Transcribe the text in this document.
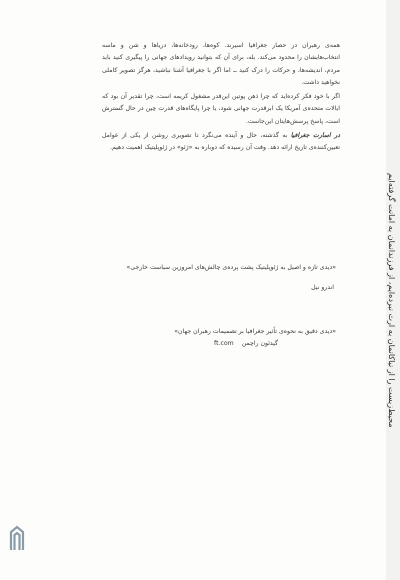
محیط‌زیست را از نیاکانمان به ارث نبرده‌ایم، از فرزندانمان به امانت گرفته‌ایم

همه‌ی رهبران در حصار جغرافیا اسیرند. کوه‌ها، رودخانه‌ها، دریاها و شن و ماسه انتخاب‌هایشان را محدود می‌کند. بله، برای آن که بتوانید رویدادهای جهانی را پیگیری کنید باید مردم، اندیشه‌ها، و حرکات را درک کنید ــ اما اگر با جغرافیا آشنا نباشید، هرگز تصویر کاملی نخواهید داشت.

اگر با خود فکر کرده‌اید که چرا ذهن پوتین این‌قدر مشغول کریمه است، چرا تقدیر آن بود که ایالات متحده‌ی آمریکا یک ابرقدرت جهانی شود، یا چرا پایگاه‌های قدرت چین در حال گسترش است، پاسخ پرسش‌هایتان این‌جاست.

در اسارت جغرافیا به گذشته، حال و آینده می‌نگرد تا تصویری روشن از یکی از عوامل تعیین‌کننده‌ی تاریخ ارائه دهد. وقت آن رسیده که دوباره به «ژئو» در ژئوپلیتیک اهمیت دهیم.

«دیدی تازه و اصیل به ژئوپلیتیک پشت پرده‌ی چالش‌های امروزین سیاست خارجی»
اندرو نیل
«دیدی دقیق به نحوه‌ی تأثیر جغرافیا بر تصمیمات رهبران جهان»
گیدئون راچمن
ft.com
